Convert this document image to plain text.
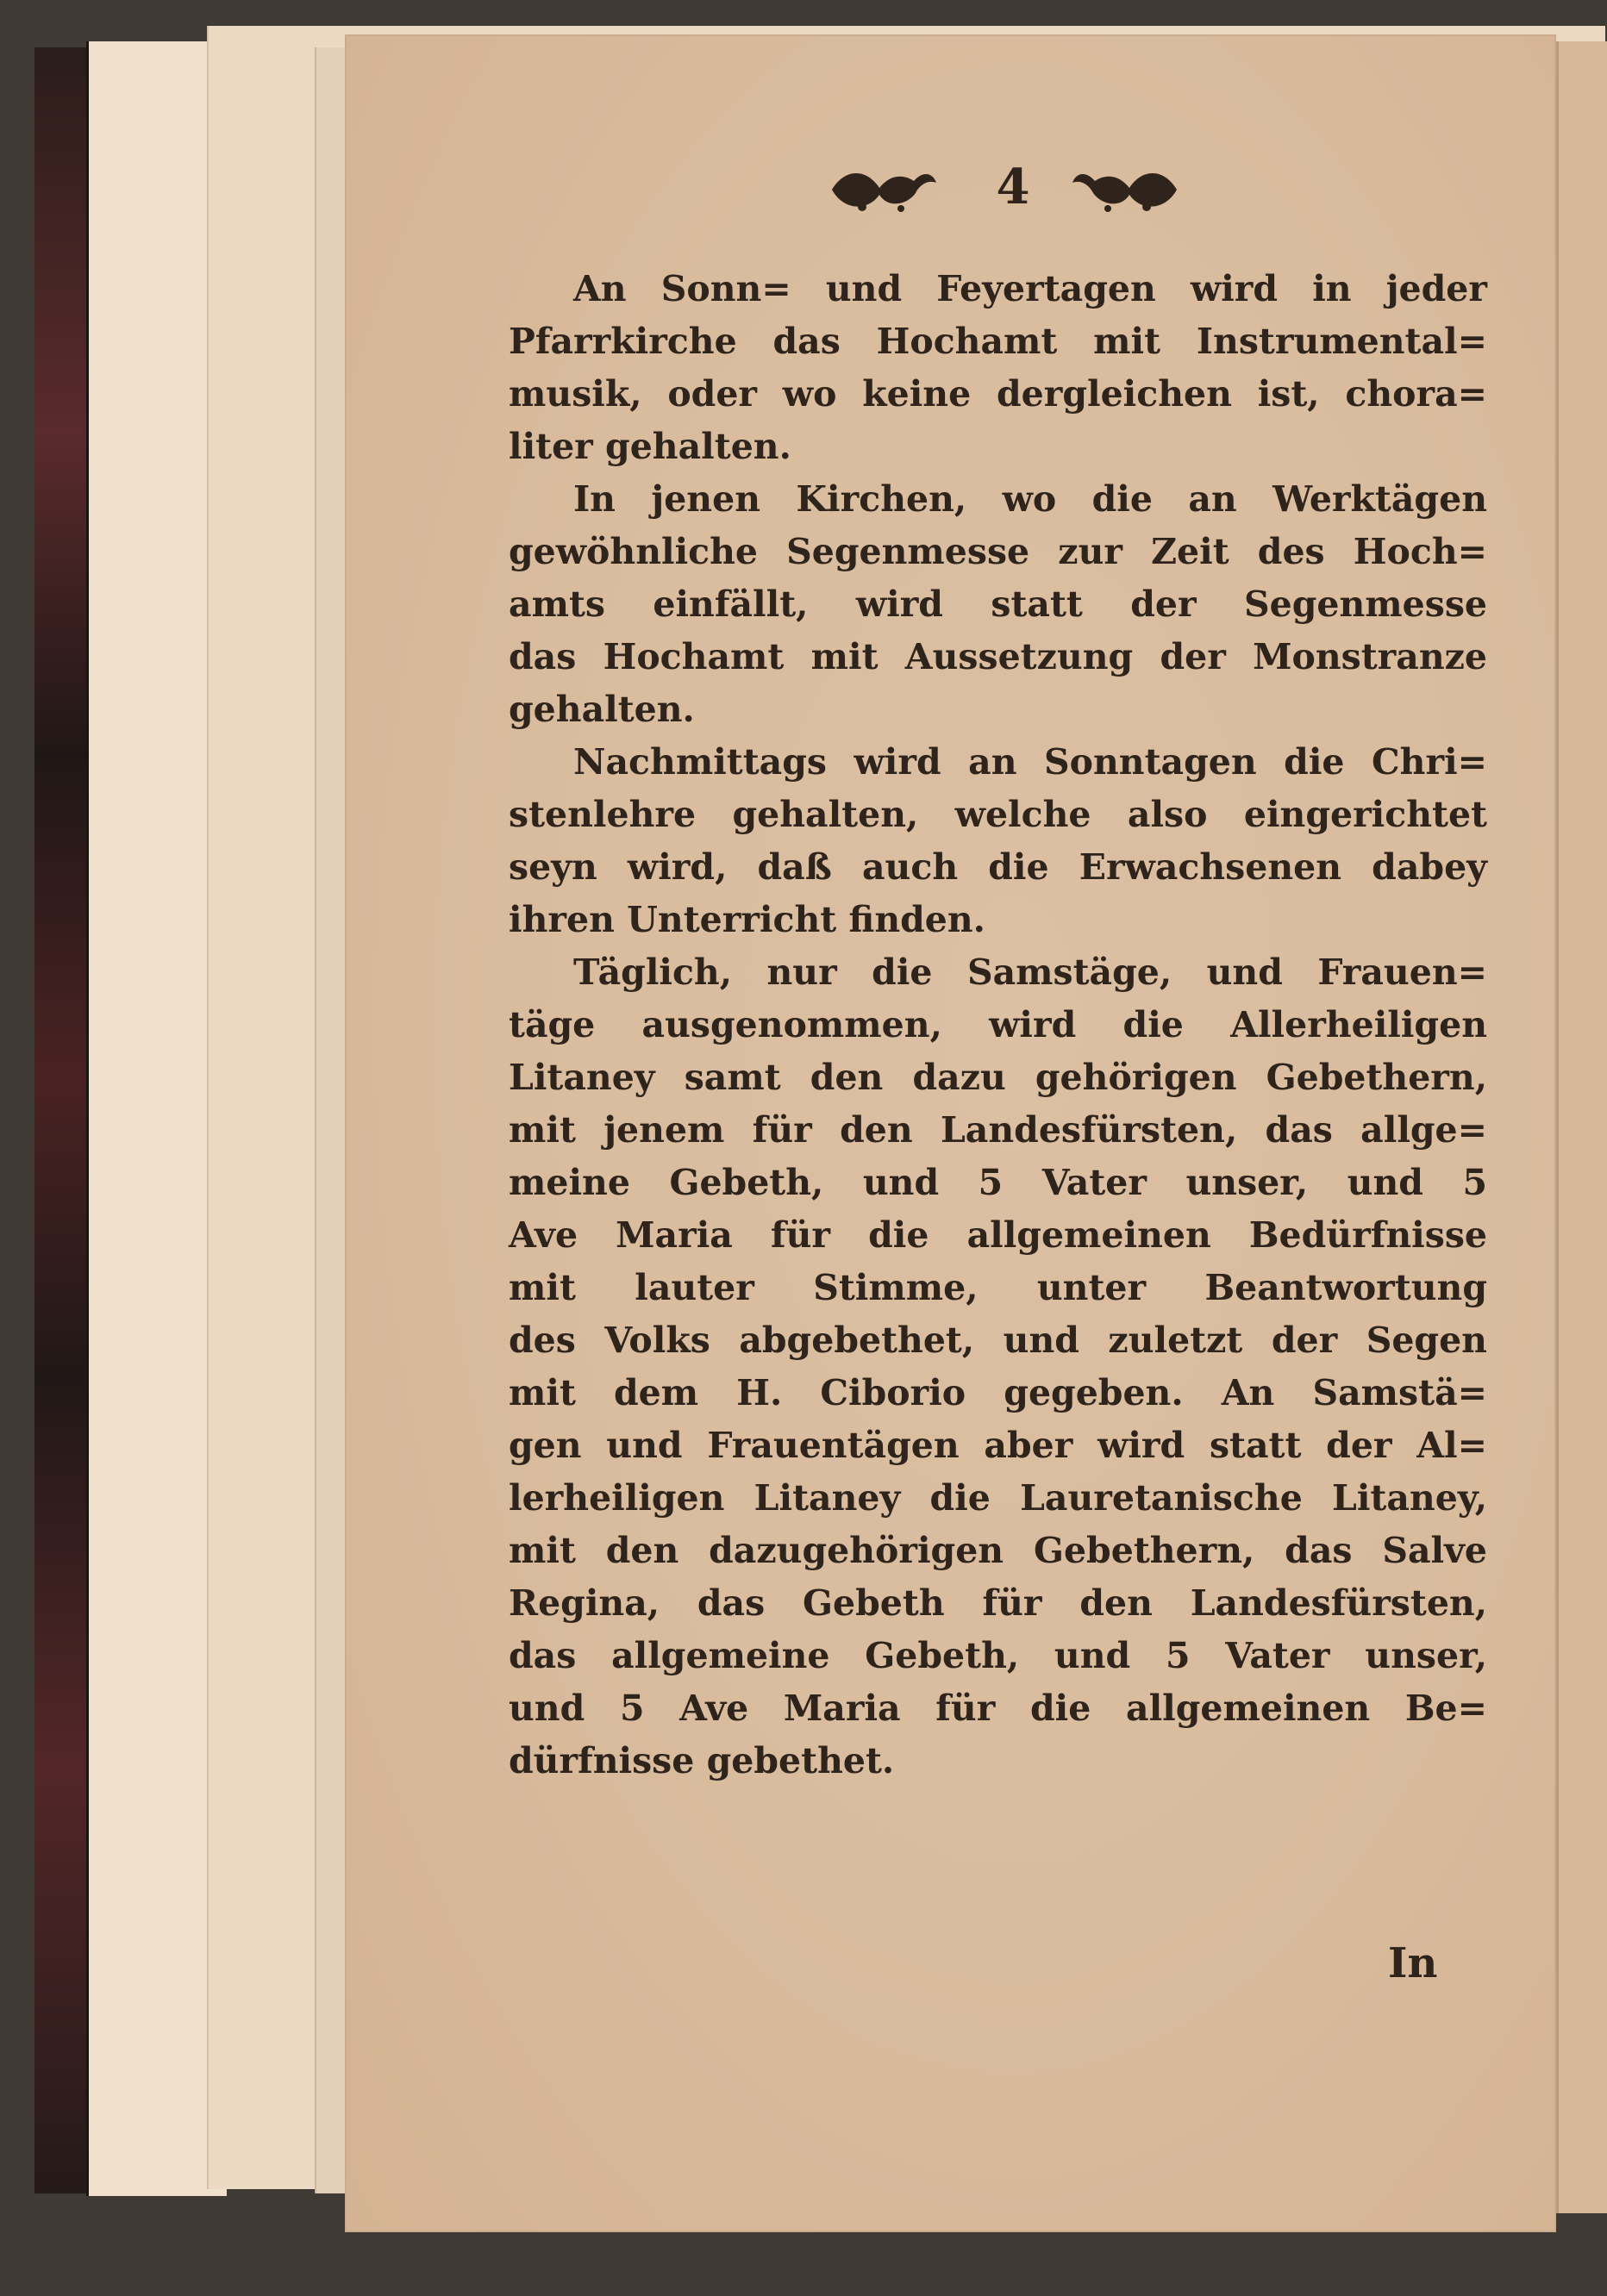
4

An Sonn= und Feyertagen wird in jeder
Pfarrkirche das Hochamt mit Instrumental=
musik, oder wo keine dergleichen ist, chora=
liter gehalten.

In jenen Kirchen, wo die an Werktägen
gewöhnliche Segenmesse zur Zeit des Hoch=
amts einfällt, wird statt der Segenmesse
das Hochamt mit Aussetzung der Monstranze
gehalten.

Nachmittags wird an Sonntagen die Chri=
stenlehre gehalten, welche also eingerichtet
seyn wird, daß auch die Erwachsenen dabey
ihren Unterricht finden.

Täglich, nur die Samstäge, und Frauen=
täge ausgenommen, wird die Allerheiligen
Litaney samt den dazu gehörigen Gebethern,
mit jenem für den Landesfürsten, das allge=
meine Gebeth, und 5 Vater unser, und 5
Ave Maria für die allgemeinen Bedürfnisse
mit lauter Stimme, unter Beantwortung
des Volks abgebethet, und zuletzt der Segen
mit dem H. Ciborio gegeben. An Samstä=
gen und Frauentägen aber wird statt der Al=
lerheiligen Litaney die Lauretanische Litaney,
mit den dazugehörigen Gebethern, das Salve
Regina, das Gebeth für den Landesfürsten,
das allgemeine Gebeth, und 5 Vater unser,
und 5 Ave Maria für die allgemeinen Be=
dürfnisse gebethet.

In
